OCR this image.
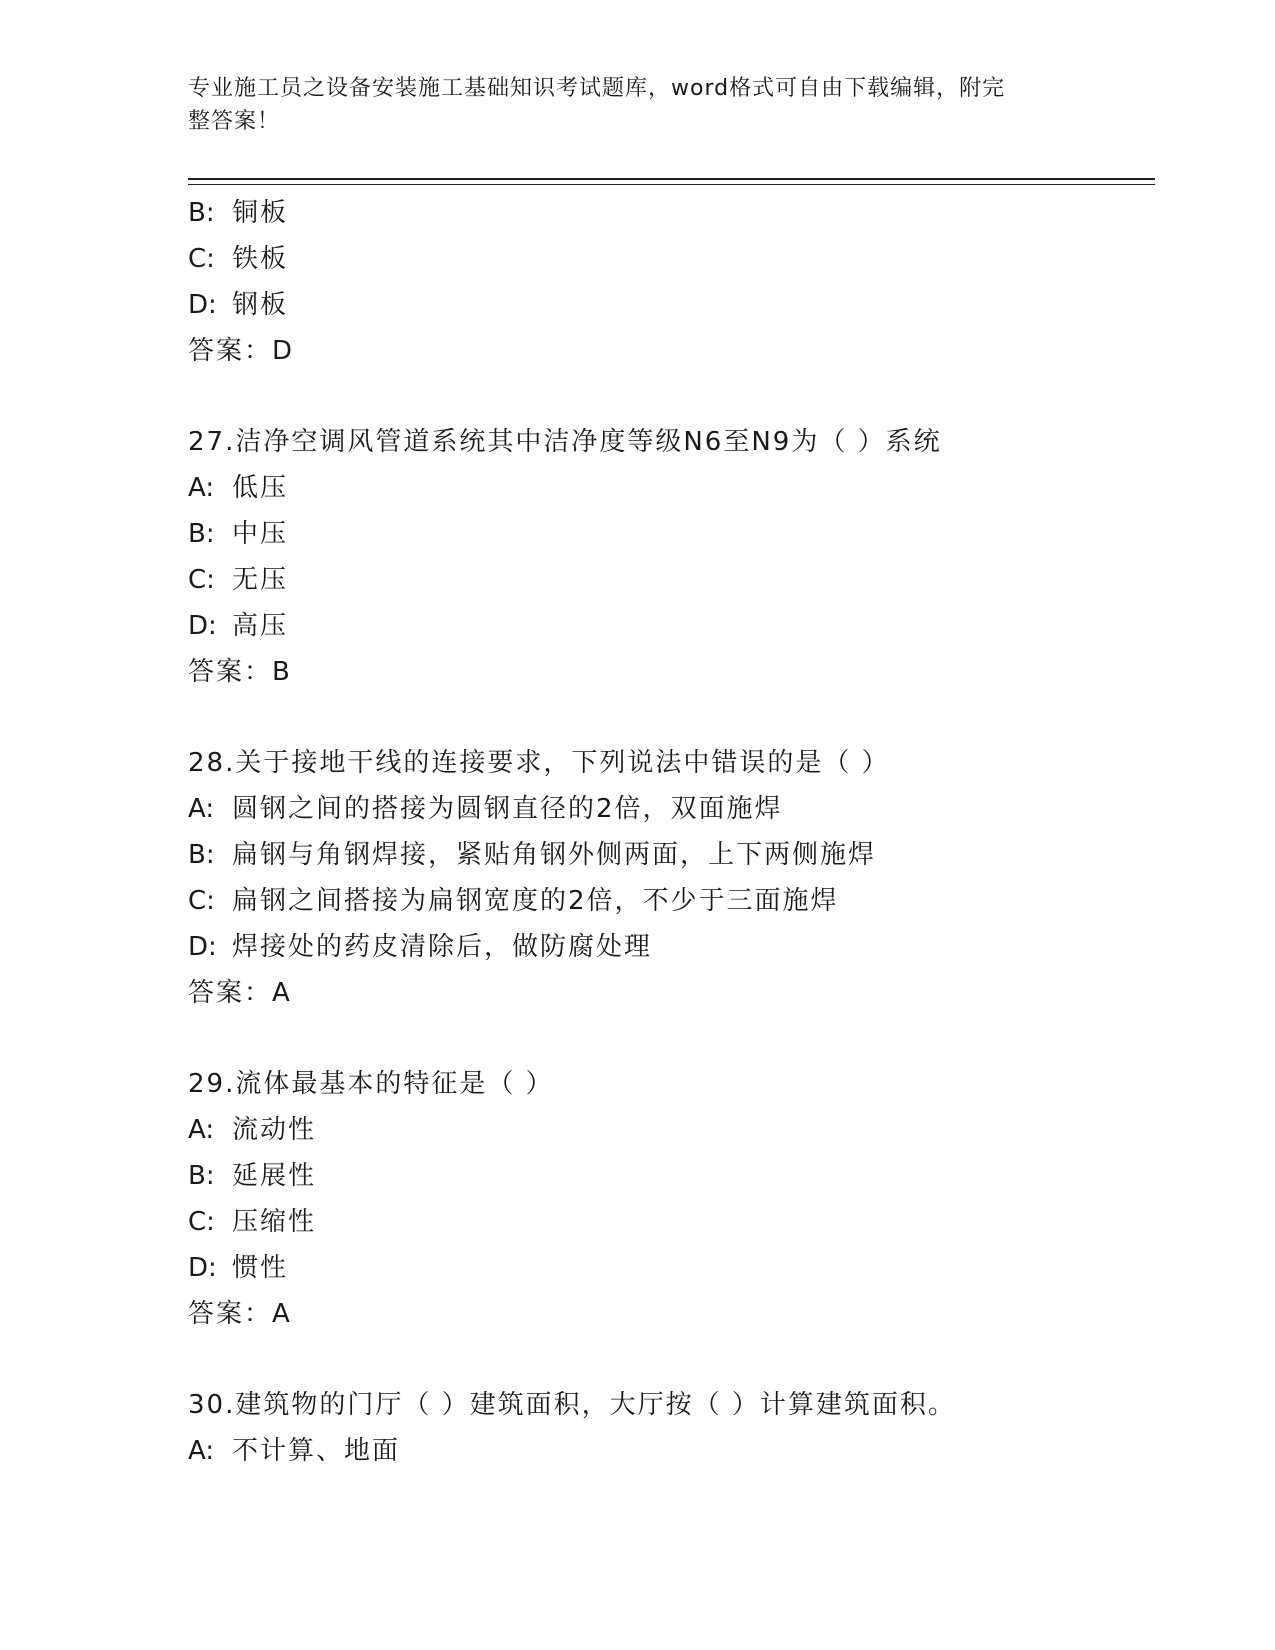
专业施工员之设备安装施工基础知识考试题库，word格式可自由下载编辑，附完
整答案！
B: 铜板
C: 铁板
D: 钢板
答案：D
27.洁净空调风管道系统其中洁净度等级N6至N9为（ ）系统
A: 低压
B: 中压
C: 无压
D: 高压
答案：B
28.关于接地干线的连接要求，下列说法中错误的是（ ）
A: 圆钢之间的搭接为圆钢直径的2倍，双面施焊
B: 扁钢与角钢焊接，紧贴角钢外侧两面，上下两侧施焊
C: 扁钢之间搭接为扁钢宽度的2倍，不少于三面施焊
D: 焊接处的药皮清除后，做防腐处理
答案：A
29.流体最基本的特征是（ ）
A: 流动性
B: 延展性
C: 压缩性
D: 惯性
答案：A
30.建筑物的门厅（ ）建筑面积，大厅按（ ）计算建筑面积。
A: 不计算、地面
